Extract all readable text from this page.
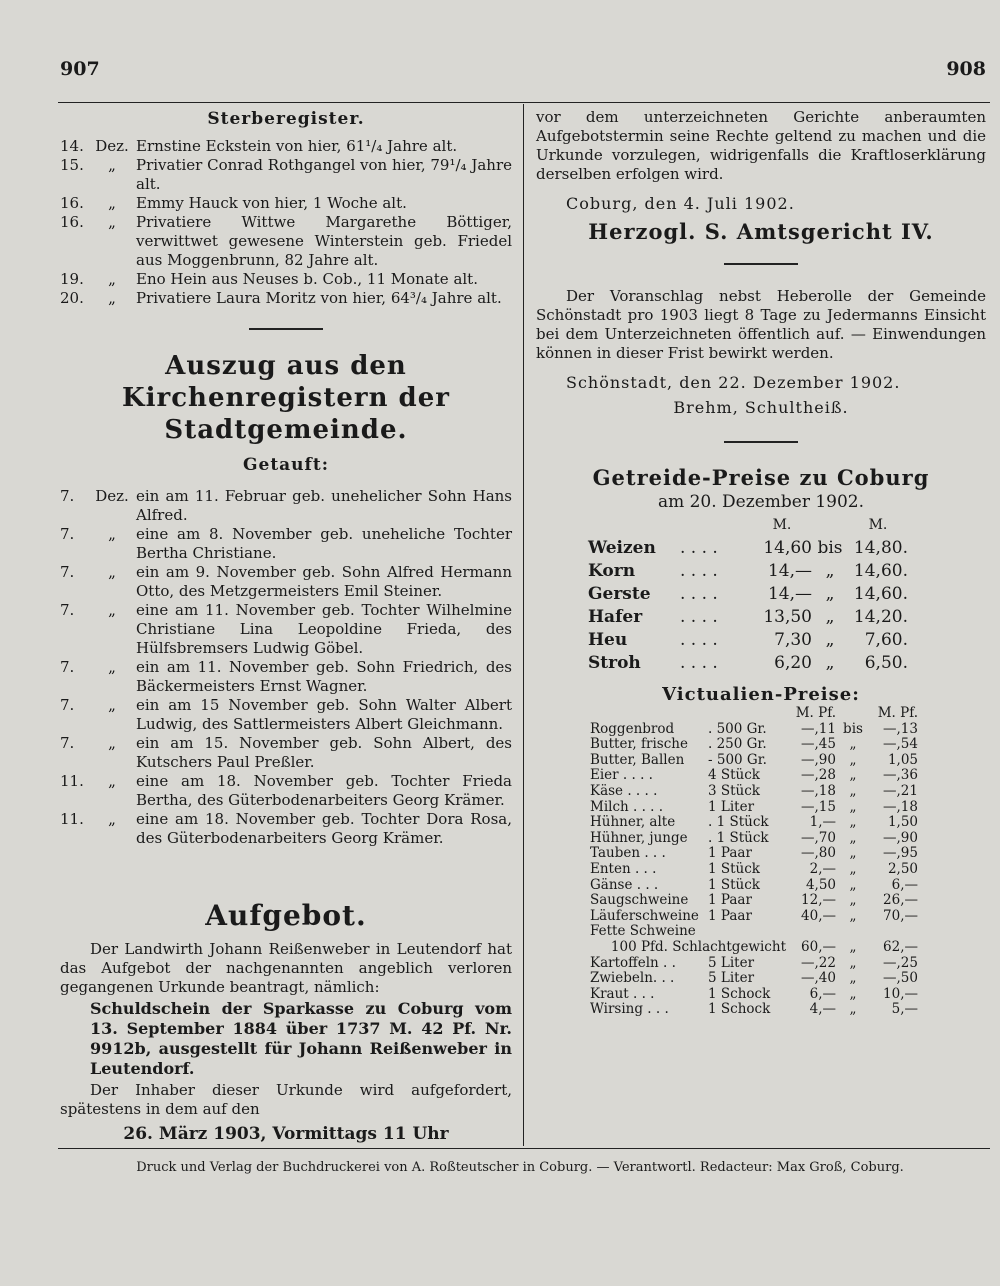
907	908
Sterberegister.
14. Dez. Ernstine Eckstein von hier, 61¹/₄ Jahre alt.
15.	„	Privatier Conrad Rothgangel von hier, 79¹/₄ Jahre alt.
16.	„	Emmy Hauck von hier, 1 Woche alt.
16.	„	Privatiere Wittwe Margarethe Böttiger, verwittwet gewesene Winterstein geb. Friedel aus Moggenbrunn, 82 Jahre alt.
19.	„	Eno Hein aus Neuses b. Cob., 11 Monate alt.
20.	„	Privatiere Laura Moritz von hier, 64³/₄ Jahre alt.
Auszug aus den Kirchenregistern der
Stadtgemeinde.
Getauft:
7.	Dez. ein am 11. Februar geb. unehelicher Sohn Hans Alfred.
7.	„	eine am 8. November geb. uneheliche Tochter Bertha Christiane.
7.	„	ein am 9. November geb. Sohn Alfred Hermann Otto, des Metzgermeisters Emil Steiner.
7.	„	eine am 11. November geb. Tochter Wilhelmine Christiane Lina Leopoldine Frieda, des Hülfsbremsers Ludwig Göbel.
7.	„	ein am 11. November geb. Sohn Friedrich, des Bäckermeisters Ernst Wagner.
7.	„	ein am 15 November geb. Sohn Walter Albert Ludwig, des Sattlermeisters Albert Gleichmann.
7.	„	ein am 15. November geb. Sohn Albert, des Kutschers Paul Preßler.
11.	„	eine am 18. November geb. Tochter Frieda Bertha, des Güterbodenarbeiters Georg Krämer.
11.	„	eine am 18. November geb. Tochter Dora Rosa, des Güterbodenarbeiters Georg Krämer.
Aufgebot.

Der Landwirth Johann Reißenweber in Leutendorf hat das Aufgebot der nachgenannten angeblich verloren gegangenen Urkunde beantragt, nämlich:

Schuldschein der Sparkasse zu Coburg vom 13. September 1884 über 1737 M. 42 Pf. Nr. 9912b, ausgestellt für Johann Reißenweber in Leutendorf.

Der Inhaber dieser Urkunde wird aufgefordert, spätestens in dem auf den

26. März 1903, Vormittags 11 Uhr

vor dem unterzeichneten Gerichte anberaumten Aufgebotstermin seine Rechte geltend zu machen und die Urkunde vorzulegen, widrigenfalls die Kraftloserklärung derselben erfolgen wird.

Coburg, den 4. Juli 1902.

Herzogl. S. Amtsgericht IV.

Der Voranschlag nebst Heberolle der Gemeinde Schönstadt pro 1903 liegt 8 Tage zu Jedermanns Einsicht bei dem Unterzeichneten öffentlich auf. — Einwendungen können in dieser Frist bewirkt werden.

Schönstadt, den 22. Dezember 1902.

Brehm, Schultheiß.

Getreide-Preise zu Coburg
am 20. Dezember 1902.
		M.		M.
Weizen	. . . .	14,60	bis	14,80.
Korn	. . . .	14,—	„	14,60.
Gerste	. . . .	14,—	„	14,60.
Hafer	. . . .	13,50	„	14,20.
Heu	. . . .	7,30	„	7,60.
Stroh	. . . .	6,20	„	6,50.
Victualien-Preise:
		M. Pf.		M. Pf.
Roggenbrod	. 500 Gr.	—,11	bis	—,13
Butter, frische	. 250 Gr.	—,45	„	—,54
Butter, Ballen	- 500 Gr.	—,90	„	1,05
Eier . . . .	4 Stück	—,28	„	—,36
Käse . . . .	3 Stück	—,18	„	—,21
Milch . . . .	1 Liter	—,15	„	—,18
Hühner, alte	. 1 Stück	1,—	„	1,50
Hühner, junge	. 1 Stück	—,70	„	—,90
Tauben . . .	1 Paar	—,80	„	—,95
Enten . . .	1 Stück	2,—	„	2,50
Gänse . . .	1 Stück	4,50	„	6,—
Saugschweine	1 Paar	12,—	„	26,—
Läuferschweine	1 Paar	40,—	„	70,—
Fette Schweine				
100 Pfd. Schlachtgewicht		60,—	„	62,—
Kartoffeln . .	5 Liter	—,22	„	—,25
Zwiebeln. . .	5 Liter	—,40	„	—,50
Kraut . . .	1 Schock	6,—	„	10,—
Wirsing . . .	1 Schock	4,—	„	5,—
Druck und Verlag der Buchdruckerei von A. Roßteutscher in Coburg. — Verantwortl. Redacteur: Max Groß, Coburg.
